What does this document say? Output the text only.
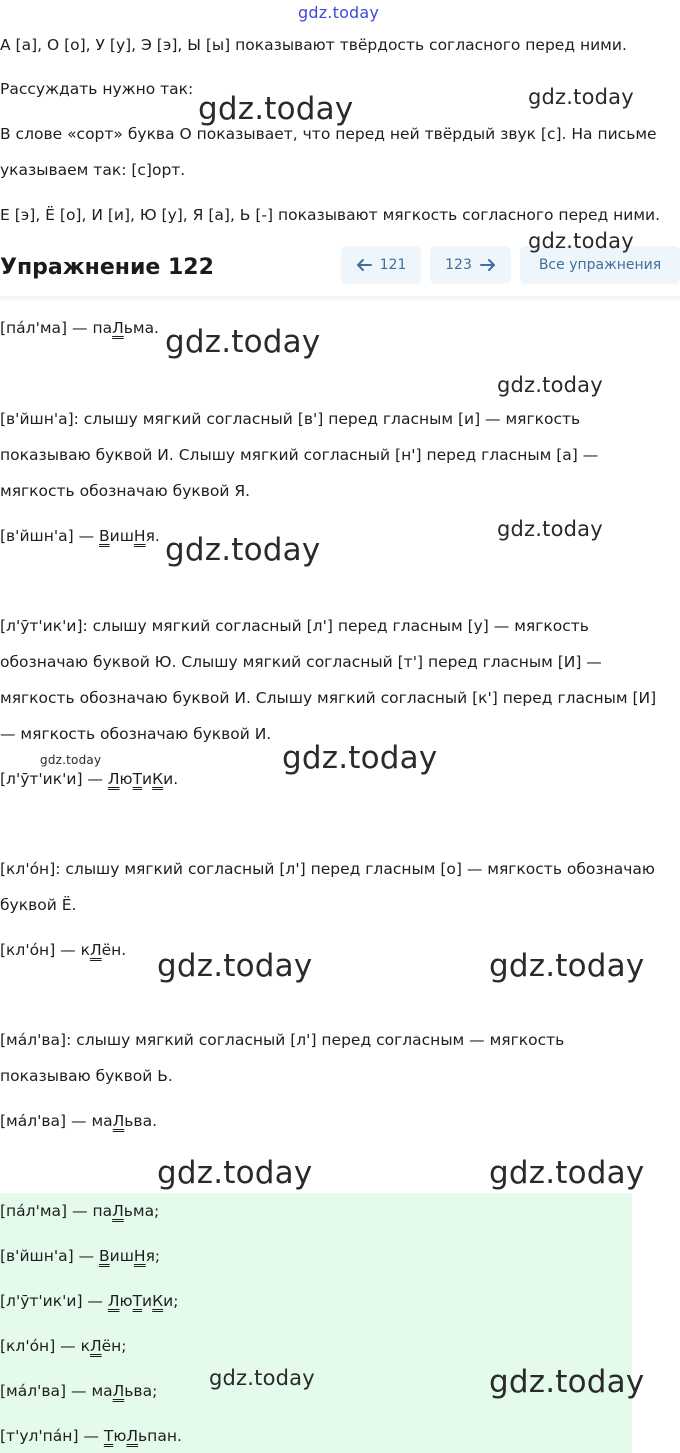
gdz.today
А [а], О [о], У [у], Э [э], Ы [ы] показывают твёрдость согласного перед ними.
Рассуждать нужно так:
В слове «сорт» буква О показывает, что перед ней твёрдый звук [с]. На письме
указываем так: [с]орт.
Е [э], Ё [о], И [и], Ю [у], Я [а], Ь [-] показывают мягкость согласного перед ними.
Упражнение 122	121	123	Все упражнения
[па́л'ма] — паЛьма.
[в'йшн'а]: слышу мягкий согласный [в'] перед гласным [и] — мягкость
показываю буквой И. Слышу мягкий согласный [н'] перед гласным [а] —
мягкость обозначаю буквой Я.
[в'йшн'а] — ВишНя.
[л'ӯт'ик'и]: слышу мягкий согласный [л'] перед гласным [у] — мягкость
обозначаю буквой Ю. Слышу мягкий согласный [т'] перед гласным [И] —
мягкость обозначаю буквой И. Слышу мягкий согласный [к'] перед гласным [И]
— мягкость обозначаю буквой И.
[л'ӯт'ик'и] — ЛюТиКи.
[кл'о́н]: слышу мягкий согласный [л'] перед гласным [о] — мягкость обозначаю
буквой Ё.
[кл'о́н] — кЛён.
[ма́л'ва]: слышу мягкий согласный [л'] перед согласным — мягкость
показываю буквой Ь.
[ма́л'ва] — маЛьва.
[па́л'ма] — паЛьма;
[в'йшн'а] — ВишНя;
[л'ӯт'ик'и] — ЛюТиКи;
[кл'о́н] — кЛён;
[ма́л'ва] — маЛьва;
[т'ул'па́н] — ТюЛьпан.
gdz.today	gdz.today
gdz.today
gdz.today
gdz.today
gdz.today
gdz.today
gdz.today
gdz.today
gdz.today	gdz.today
gdz.today	gdz.today
gdz.today	gdz.today
